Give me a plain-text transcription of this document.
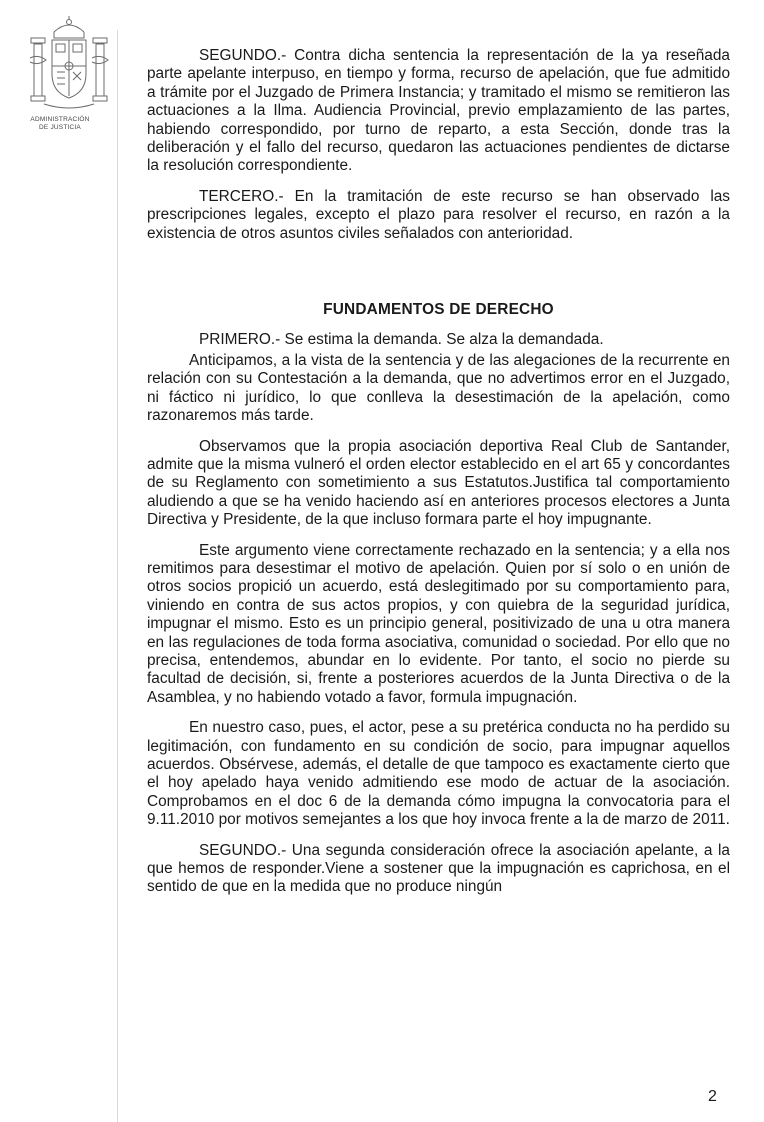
ADMINISTRACIÓN
DE JUSTICIA

SEGUNDO.- Contra dicha sentencia la representación de la ya reseñada parte apelante interpuso, en tiempo y forma, recurso de apelación, que fue admitido a trámite por el Juzgado de Primera Instancia; y tramitado el mismo se remitieron las actuaciones a la Ilma. Audiencia Provincial, previo emplazamiento de las partes, habiendo correspondido, por turno de reparto, a esta Sección, donde tras la deliberación y el fallo del recurso, quedaron las actuaciones pendientes de dictarse la resolución correspondiente.

TERCERO.- En la tramitación de este recurso se han observado las prescripciones legales, excepto el plazo para resolver el recurso, en razón a la existencia de otros asuntos civiles señalados con anterioridad.

FUNDAMENTOS DE DERECHO

PRIMERO.- Se estima la demanda. Se alza la demandada.

Anticipamos, a la vista de la sentencia y de las alegaciones de la recurrente en relación con su Contestación a la demanda, que no advertimos error en el Juzgado, ni fáctico ni jurídico, lo que conlleva la desestimación de la apelación, como razonaremos más tarde.

Observamos que la propia asociación deportiva Real Club de Santander, admite que la misma vulneró el orden elector establecido en el art 65 y concordantes de su Reglamento con sometimiento a sus Estatutos.Justifica tal comportamiento aludiendo a que se ha venido haciendo así en anteriores procesos electores a Junta Directiva y Presidente, de la que incluso formara parte el hoy impugnante.

Este argumento viene correctamente rechazado en la sentencia; y a ella nos remitimos para desestimar el motivo de apelación. Quien por sí solo o en unión de otros socios propició un acuerdo, está deslegitimado por su comportamiento para, viniendo en contra de sus actos propios, y con quiebra de la seguridad jurídica, impugnar el mismo. Esto es un principio general, positivizado de una u otra manera en las regulaciones de toda forma asociativa, comunidad o sociedad. Por ello que no precisa, entendemos, abundar en lo evidente. Por tanto, el socio no pierde su facultad de decisión, si, frente a posteriores acuerdos de la Junta Directiva o de la Asamblea, y no habiendo votado a favor, formula impugnación.

En nuestro caso, pues, el actor, pese a su pretérica conducta no ha perdido su legitimación, con fundamento en su condición de socio, para impugnar aquellos acuerdos. Obsérvese, además, el detalle de que tampoco es exactamente cierto que el hoy apelado haya venido admitiendo ese modo de actuar de la asociación. Comprobamos en el doc 6 de la demanda cómo impugna la convocatoria para el 9.11.2010 por motivos semejantes a los que hoy invoca frente a la de marzo de 2011.

SEGUNDO.- Una segunda consideración ofrece la asociación apelante, a la que hemos de responder.Viene a sostener que la impugnación es caprichosa, en el sentido de que en la medida que no produce ningún

2
